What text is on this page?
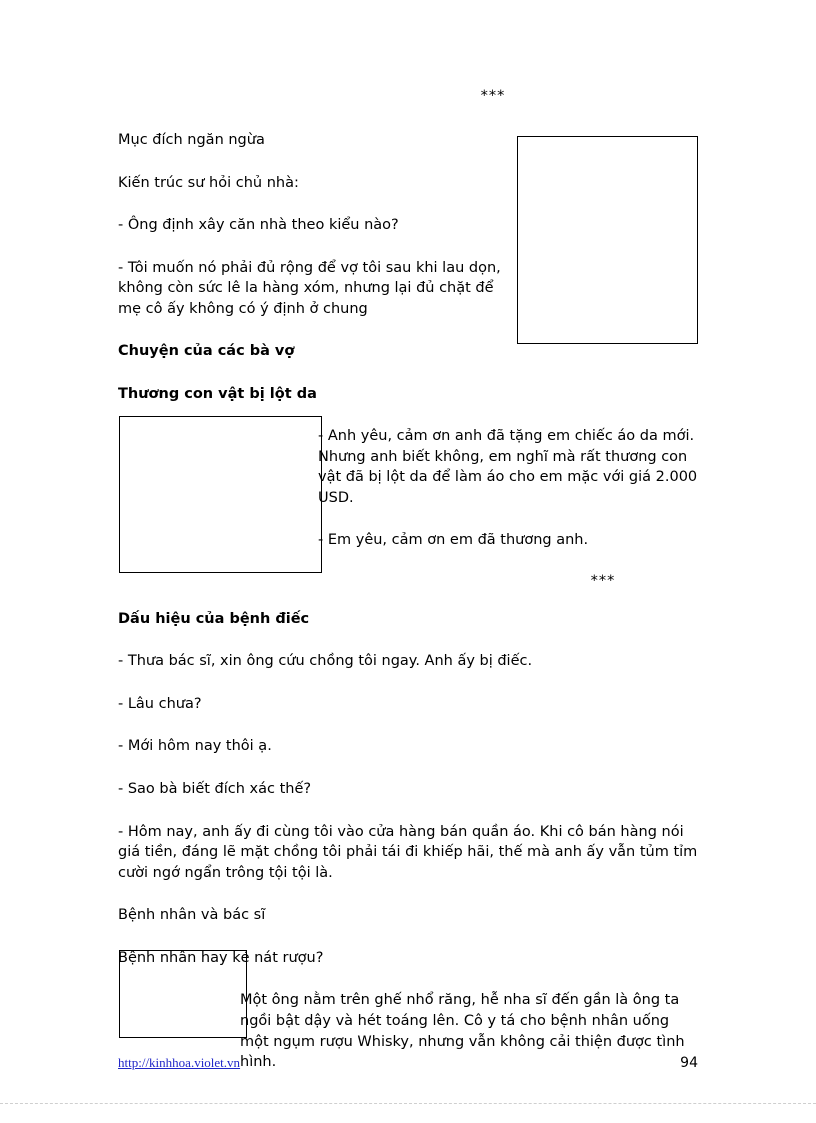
***

Mục đích ngăn ngừa

Kiến trúc sư hỏi chủ nhà:

- Ông định xây căn nhà theo kiểu nào?

- Tôi muốn nó phải đủ rộng để vợ tôi sau khi lau dọn, không còn sức lê la hàng xóm, nhưng lại đủ chặt để mẹ cô ấy không có ý định ở chung

Chuyện của các bà vợ
Thương con vật bị lột da

- Anh yêu, cảm ơn anh đã tặng em chiếc áo da mới. Nhưng anh biết không, em nghĩ mà rất thương con vật đã bị lột da để làm áo cho em mặc với giá 2.000 USD.

- Em yêu, cảm ơn em đã thương anh.

***
Dấu hiệu của bệnh điếc

- Thưa bác sĩ, xin ông cứu chồng tôi ngay. Anh ấy bị điếc.

- Lâu chưa?

- Mới hôm nay thôi ạ.

- Sao bà biết đích xác thế?

- Hôm nay, anh ấy đi cùng tôi vào cửa hàng bán quần áo. Khi cô bán hàng nói giá tiền, đáng lẽ mặt chồng tôi phải tái đi khiếp hãi, thế mà anh ấy vẫn tủm tỉm cười ngớ ngẩn trông tội tội là.

Bệnh nhân và bác sĩ

Bệnh nhân hay kẻ nát rượu?

Một ông nằm trên ghế nhổ răng, hễ nha sĩ đến gần là ông ta ngồi bật dậy và hét toáng lên. Cô y tá cho bệnh nhân uống một ngụm rượu Whisky, nhưng vẫn không cải thiện được tình hình.

http://kinhhoa.violet.vn	94
